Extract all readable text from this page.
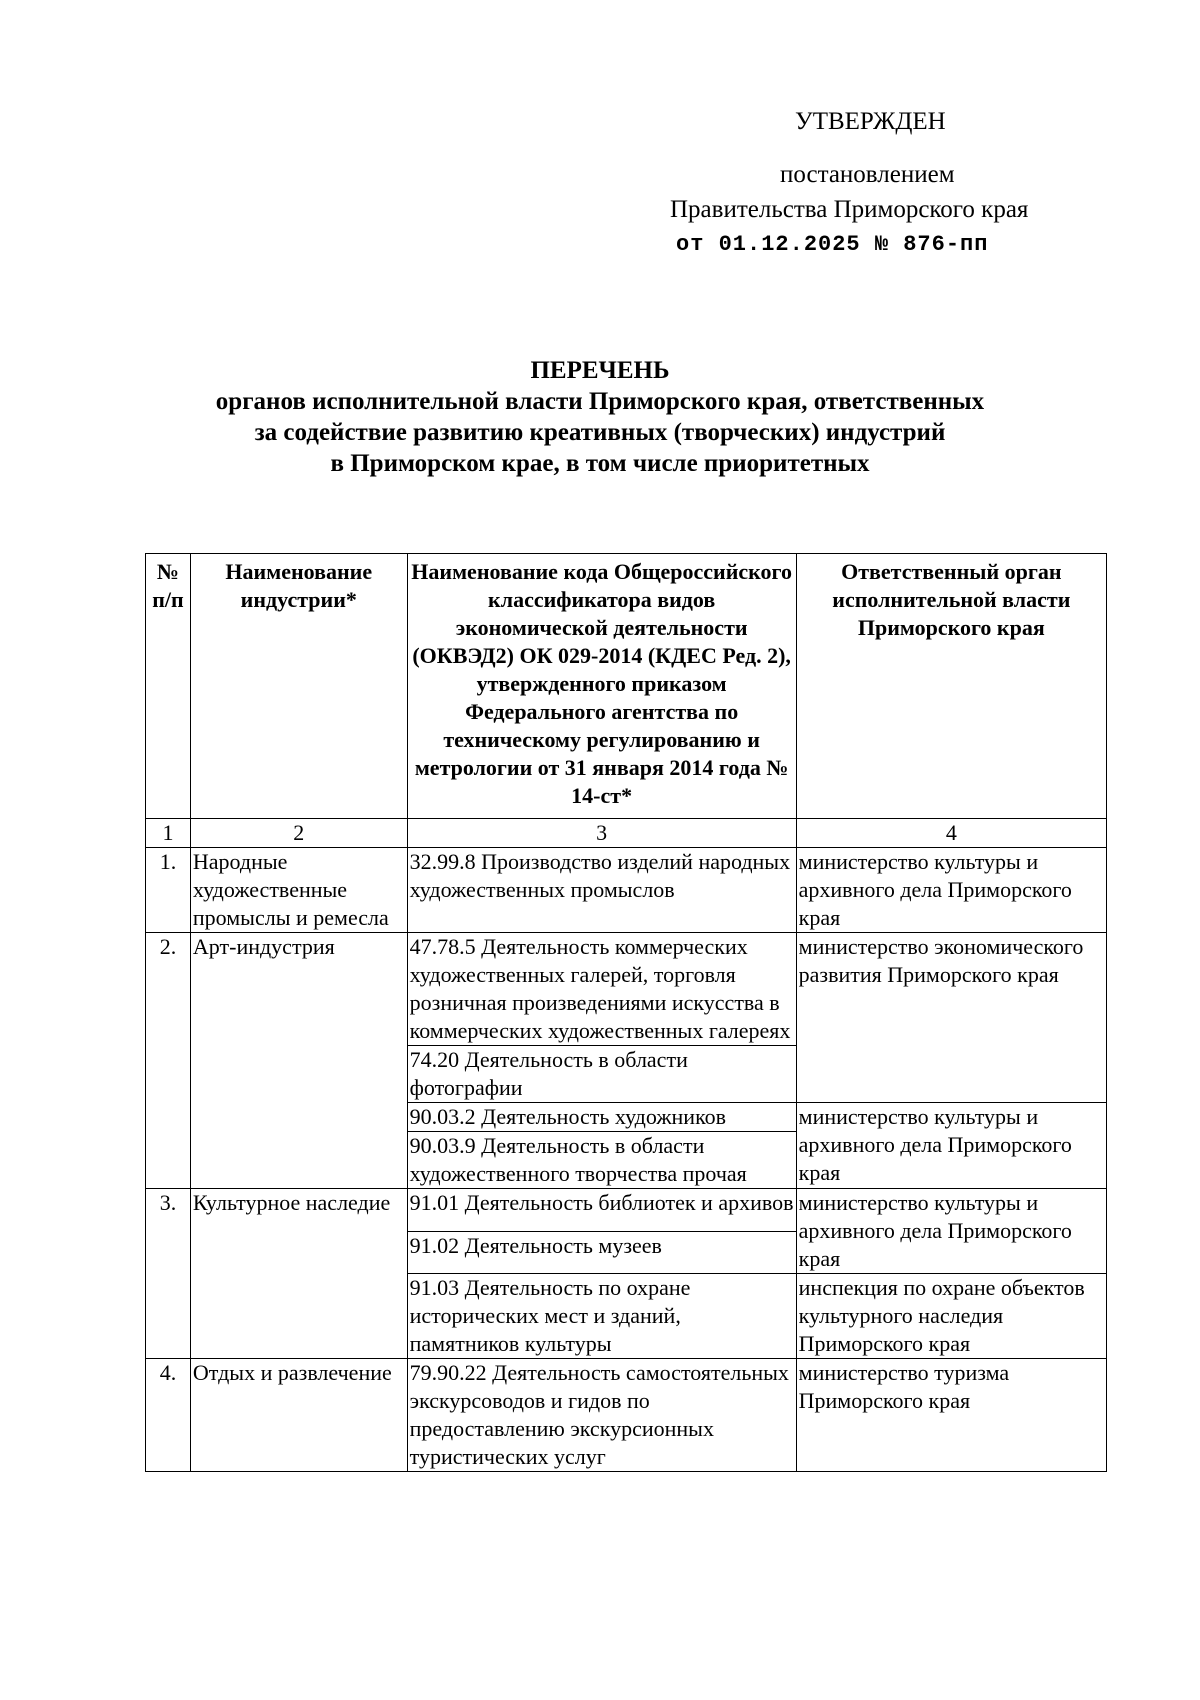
УТВЕРЖДЕН
постановлением
Правительства Приморского края
от 01.12.2025 № 876-пп
ПЕРЕЧЕНЬ
органов исполнительной власти Приморского края, ответственных
за содействие развитию креативных (творческих) индустрий
в Приморском крае, в том числе приоритетных
№ п/п	Наименование индустрии*	Наименование кода Общероссийского классификатора видов экономической деятельности (ОКВЭД2) ОК 029-2014 (КДЕС Ред. 2), утвержденного приказом Федерального агентства по техническому регулированию и метрологии от 31 января 2014 года № 14-ст*	Ответственный орган исполнительной власти Приморского края
1	2	3	4
1.	Народные художественные промыслы и ремесла	32.99.8 Производство изделий народных художественных промыслов	министерство культуры и архивного дела Приморского края
2.	Арт-индустрия	47.78.5 Деятельность коммерческих художественных галерей, торговля розничная произведениями искусства в коммерческих художественных галереях	министерство экономического развития Приморского края
		74.20 Деятельность в области фотографии	
		90.03.2 Деятельность художников	министерство культуры и архивного дела Приморского края
		90.03.9 Деятельность в области художественного творчества прочая	
3.	Культурное наследие	91.01 Деятельность библиотек и архивов	министерство культуры и архивного дела Приморского края
		91.02 Деятельность музеев	
		91.03 Деятельность по охране исторических мест и зданий, памятников культуры	инспекция по охране объектов культурного наследия Приморского края
4.	Отдых и развлечение	79.90.22 Деятельность самостоятельных экскурсоводов и гидов по предоставлению экскурсионных туристических услуг	министерство туризма Приморского края
